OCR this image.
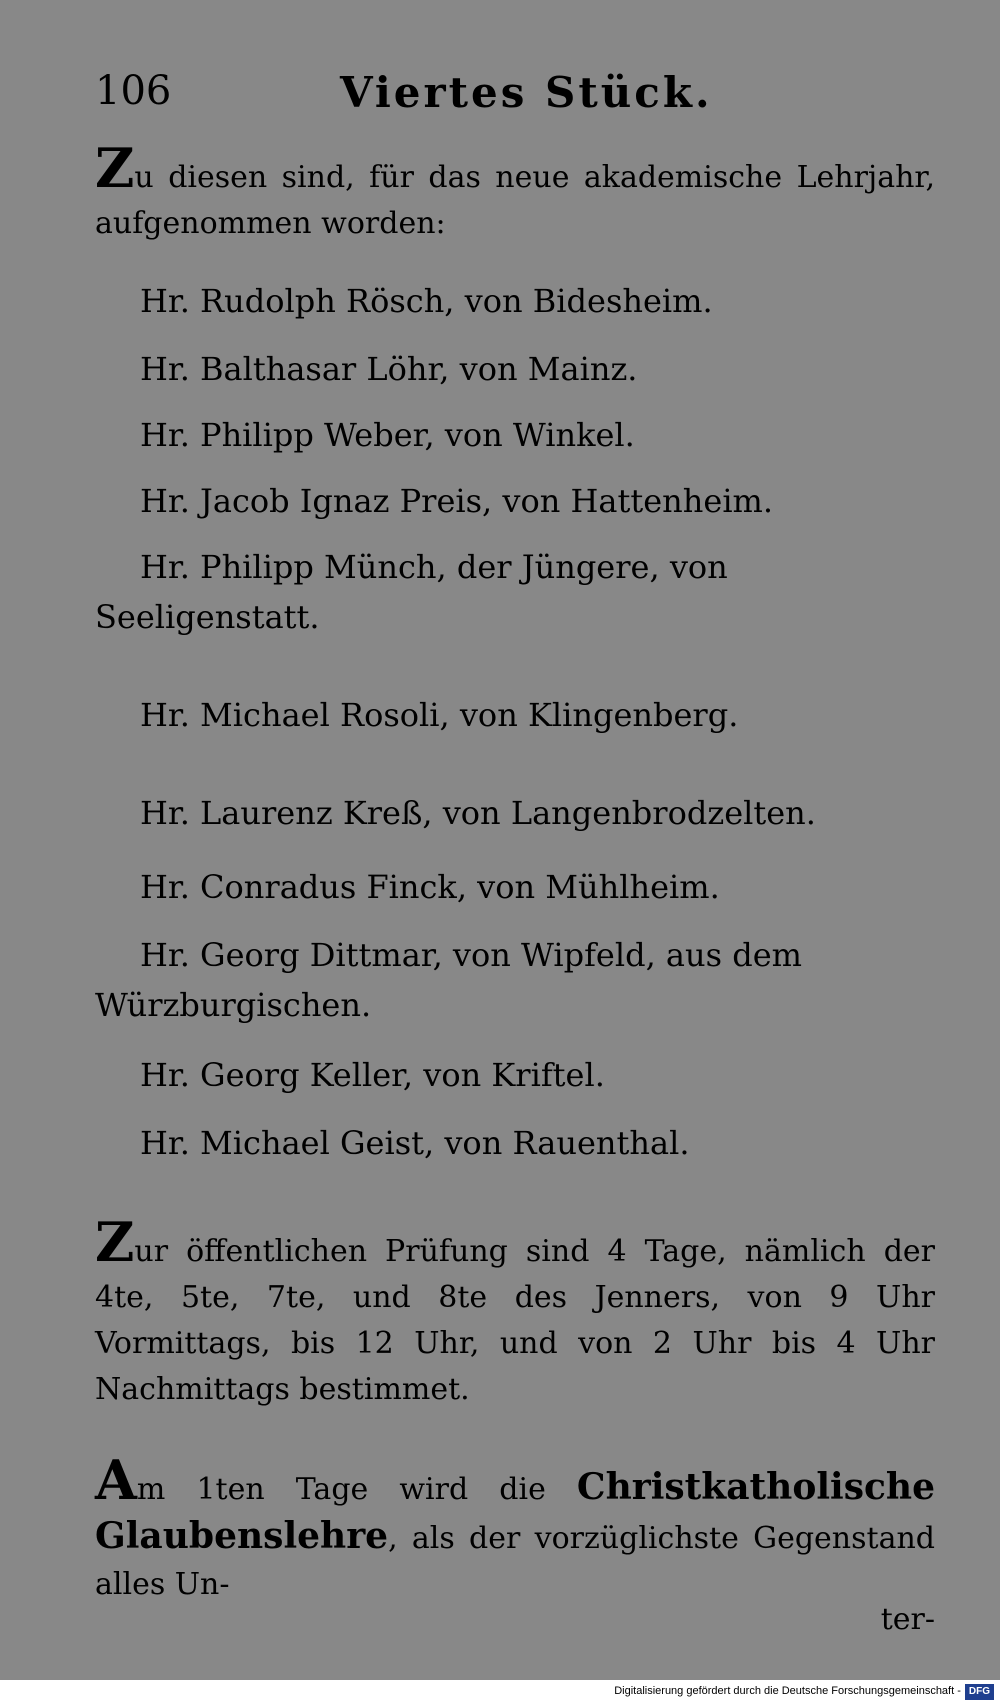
106	Viertes Stück.
Zu diesen sind, für das neue akademische Lehrjahr, aufgenommen worden:
Hr. Rudolph Rösch, von Bidesheim.
Hr. Balthasar Löhr, von Mainz.
Hr. Philipp Weber, von Winkel.
Hr. Jacob Ignaz Preis, von Hattenheim.
Hr. Philipp Münch, der Jüngere, von Seeligenstatt.
Hr. Michael Rosoli, von Klingenberg.
Hr. Laurenz Kreß, von Langenbrodzelten.
Hr. Conradus Finck, von Mühlheim.
Hr. Georg Dittmar, von Wipfeld, aus dem Würzburgischen.
Hr. Georg Keller, von Kriftel.
Hr. Michael Geist, von Rauenthal.
Zur öffentlichen Prüfung sind 4 Tage, nämlich der 4te, 5te, 7te, und 8te des Jenners, von 9 Uhr Vormittags, bis 12 Uhr, und von 2 Uhr bis 4 Uhr Nachmittags bestimmet.
Am 1ten Tage wird die Christkatholische Glaubenslehre, als der vorzüglichste Gegenstand alles Un-
ter-
Digitalisierung gefördert durch die Deutsche Forschungsgemeinschaft - DFG
